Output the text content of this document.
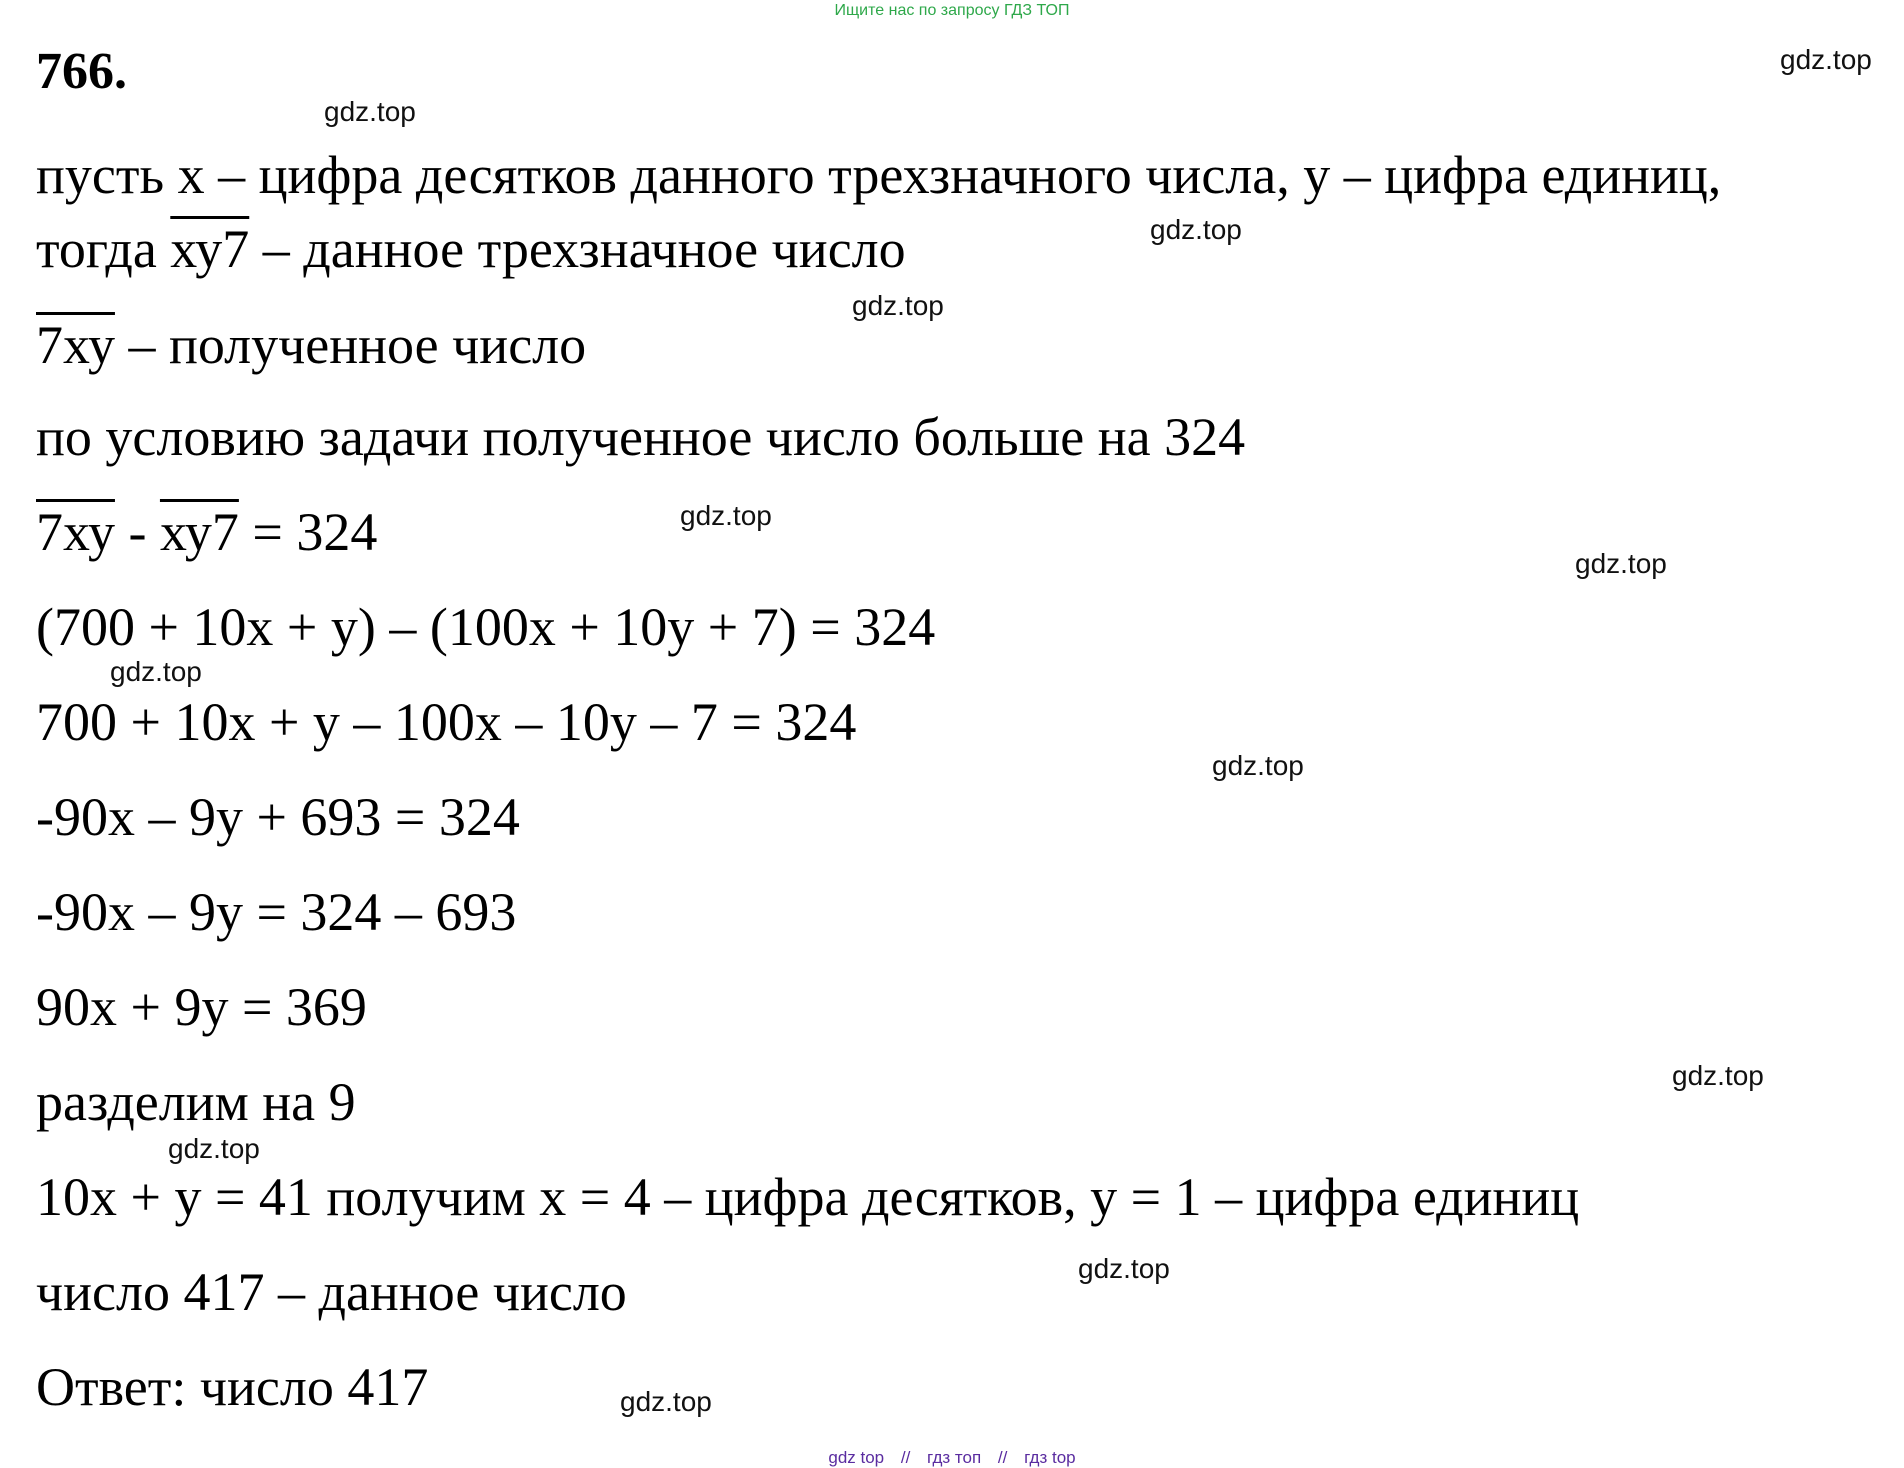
Ищите нас по запросу ГДЗ ТОП
766.
пусть х – цифра десятков данного трехзначного числа, у – цифра единиц,
тогда ху7 – данное трехзначное число
7ху – полученное число
по условию задачи полученное число больше на 324
7ху - ху7 = 324
(700 + 10х + у) – (100х + 10у + 7) = 324
700 + 10х + у – 100х – 10у – 7 = 324
-90х – 9у + 693 = 324
-90х – 9у = 324 – 693
90х + 9у = 369
разделим на 9
10х + у = 41 получим х = 4 – цифра десятков, у = 1 – цифра единиц
число 417 – данное число
Ответ: число 417
gdz.top
gdz.top
gdz.top
gdz.top
gdz.top
gdz.top
gdz.top
gdz.top
gdz.top
gdz.top
gdz.top
gdz.top
gdz top // гдз топ // гдз top
